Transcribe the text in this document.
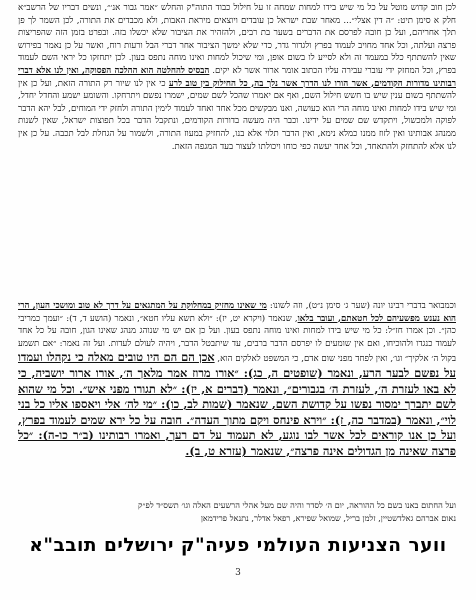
לכן חוב קדוש מוטל על כל מי שיש בידו למחות שמחה זו על חילול כבוד התוה"ק והחלש ״אמר גבור אנ׳״, ונשים דבריו של הרשב״א חלק א סימן תיט: ״ה דין אצלי״... מאחר שבת ישראל כן עובדים ויוצאים מיראת האבות, ולא מכבדים את התורה, לכן השמר לך פן תלך אחריהם, ועל כן חובה לפרסם את הדברים בשער בת רבים, ולהזהיר את הציבור שלא יכשלו בזה. ובפרט בזמן הזה שהפריצות פרצה ועלתה, וכל אחד מחויב לעמוד בפרץ ולגדור גדר, כדי שלא ימשך הציבור אחר דברי הבל ורעות רוח, ואשר על כן נאמר בפירוש שאין להשתתף כלל במעמד זה ולא לסייע לו בשום אופן, ומי שיכול למחות ואינו מוחה נתפס בעון. לכן יתחזקו כל יראי השם לעמוד בפרץ, וכל המחזק ידי עוברי עבירה עליו הכתוב אומר ארור אשר לא יקים. הבסיס להחלטה הוא ההלכה הפסוקה, ואין לנו אלא דברי רבותינו מדורות הקודמים, אשר הורו לנו הדרך אשר נלך בה, כל החילוק בין טוב לרע כי אין לנו שיור רק התורה הזאת, ועל כן אין להשתתף בשום ענין שיש בו חשש חילול השם, ואף אם יאמרו שהכל לשם שמים, ישמרו נפשם ויתרחקו. והשומע ישמע והחדל יחדל, ומי שיש בידו למחות ואינו מוחה הרי הוא כעושה, ואנו מבקשים מכל אחד ואחד לעמוד לימין התורה ולחזק ידי המוחים, לבל יהא הדבר לפוקה ולמכשול, ויתקדש שם שמים על ידינו. וכבר היה מעשה בדורות הקודמים, ונתקבל הדבר בכל תפוצות ישראל, שאין לשנות ממנהג אבותינו ואין לזוז ממנו כמלא נימא, ואין הדבר תלוי אלא בנו, להחזיק במעוז התורה, ולשמור על הגחלת לבל תכבה. על כן אין לנו אלא להתחזק ולהתאחד, וכל אחד יעשה כפי כוחו ויכולתו לעצור בעד המגפה הזאת.
וכמבואר בדברי רבינו יונה (שער ג׳ סימן נ״ט), וזה לשונו: מי שאינו מחזיק במחלוקת על המתגאים על דרך לא טוב ומושכי העון, הרי הוא נענש מפשעיהם לכל חטאתם, ועובר בלאו, שנאמר (ויקרא יט, יז): ״ולא תשא עליו חטא״, ונאמר (הושע ד, ד): ״ועמך כמריבי כהן״. וכן אמרו חז״ל: כל מי שיש בידו למחות ואינו מוחה נתפס בעון. ועל כן אם יש מי שנוהג מנהג שאינו הגון, חובה על כל אחד לעמוד כנגדו ולהוכיחו, ואם אין שומעים לו יפרסם הדבר ברבים, עד שיתבטל הדבר, ויהיה לעולם לעדות. ועל זה נאמר: ״אם תשמע בקול ה׳ אלקיך״ וגו׳, ואין לפחד מפני שום אדם, כי המשפט לאלקים הוא, אכן הם הם היו טובים מאלה כי נקהלו ועמדו על נפשם לבער הרע, ונאמר (שופטים ה, כג): ״אורו מרוז אמר מלאך ה׳, אורו ארור יושביה, כי לא באו לעזרת ה׳, לעזרת ה׳ בגבורים״, ונאמר (דברים א, יז): ״לא תגורו מפני איש״. וכל מי שהוא לשם יתברך ימסור נפשו על קדושת השם, שנאמר (שמות לב, כו): ״מי לה׳ אלי ויאספו אליו כל בני לוי״, ונאמר (במדבר כה, ז): ״וירא פינחס ויקם מתוך העדה״. חובה על כל ירא שמים לעמוד בפרץ, ועל כן אנו קוראים לכל אשר לבו נוגע, לא תעמוד על דם רעך, ואמרו רבותינו (ב״ר כו-ה): ״כל פרצה שאינה מן הגדולים אינה פרצה״, שנאמר (עזרא ט, ב).
ועל החתום באנו בשם כל ההוראה, יום ה׳ לסדר והיה שם מעל אהלי הרשעים האלה וגו׳ תשס״ד לפ״ק
נאום אברהם גאלדשטיין, זלמן בריל, שמואל שפירא, רפאל אדלר, נתנאל פרידמאן
ווער הצניעות העולמי פעיה"ק ירושלים תובב"א
3
